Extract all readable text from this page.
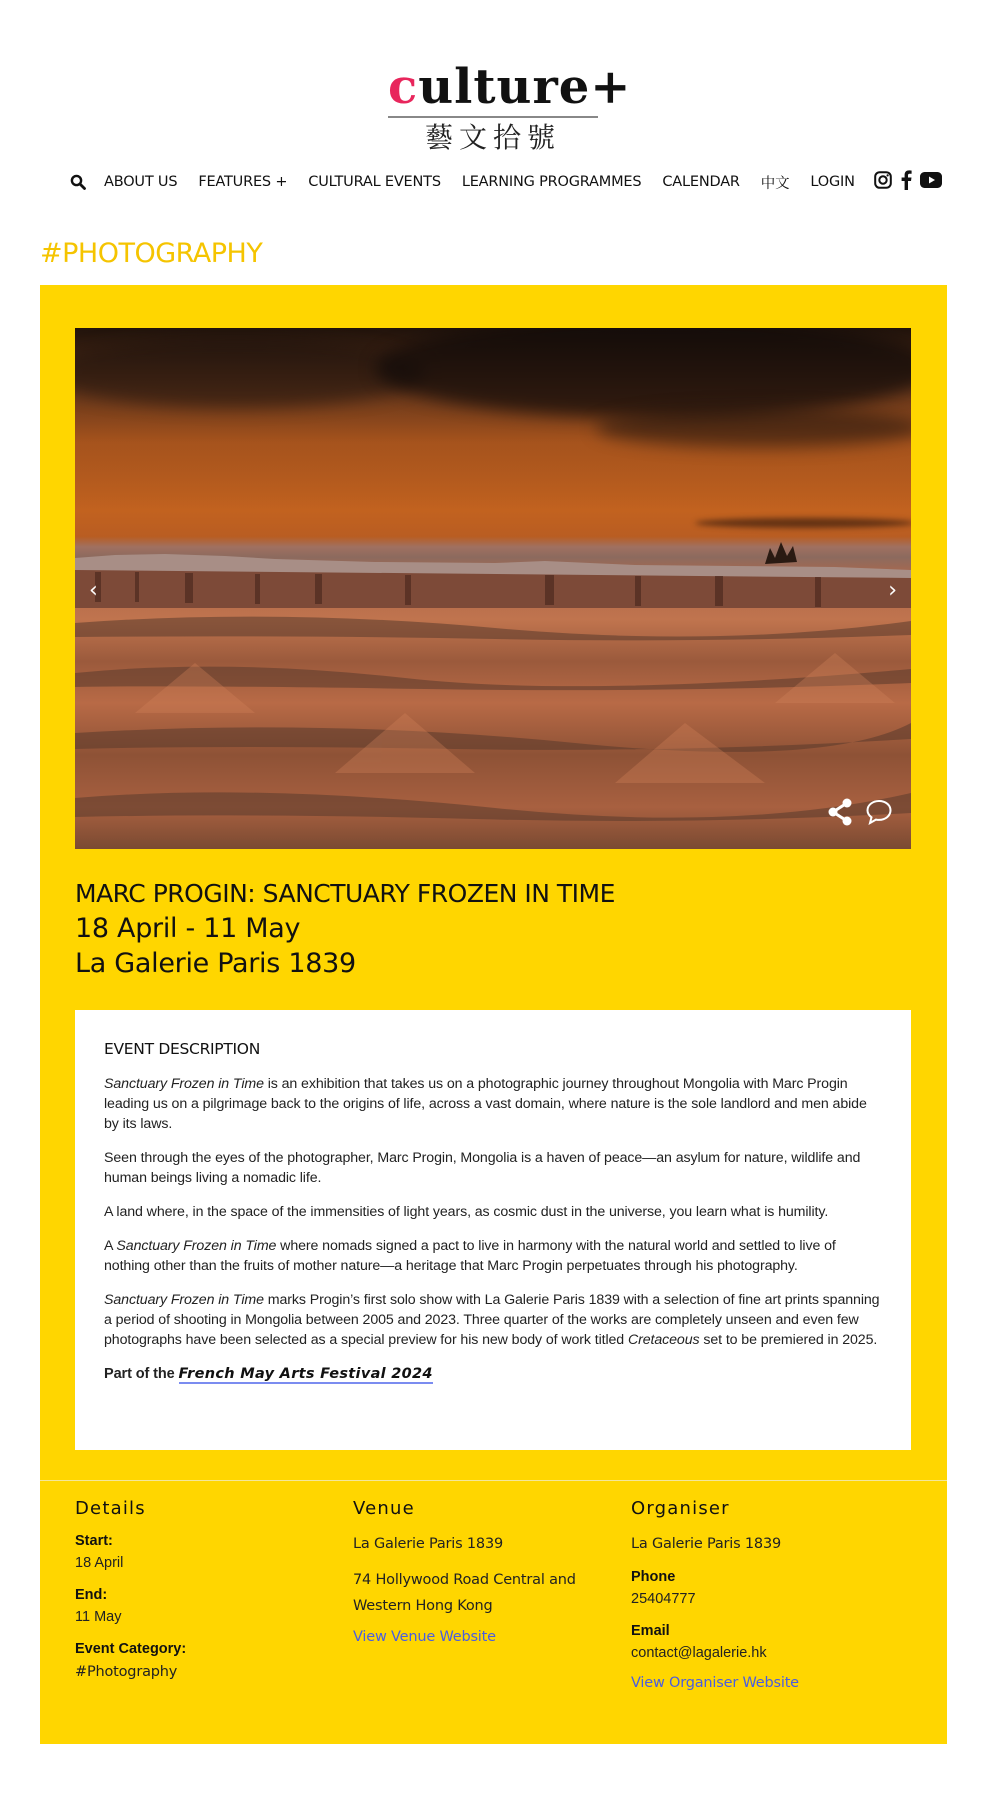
culture+
藝文拾號
ABOUT US FEATURES + CULTURAL EVENTS LEARNING PROGRAMMES CALENDAR 中文 LOGIN
#PHOTOGRAPHY
‹	›
MARC PROGIN: SANCTUARY FROZEN IN TIME
18 April - 11 May
La Galerie Paris 1839
EVENT DESCRIPTION

Sanctuary Frozen in Time is an exhibition that takes us on a photographic journey throughout Mongolia with Marc Progin leading us on a pilgrimage back to the origins of life, across a vast domain, where nature is the sole landlord and men abide by its laws.

Seen through the eyes of the photographer, Marc Progin, Mongolia is a haven of peace—an asylum for nature, wildlife and human beings living a nomadic life.

A land where, in the space of the immensities of light years, as cosmic dust in the universe, you learn what is humility.

A Sanctuary Frozen in Time where nomads signed a pact to live in harmony with the natural world and settled to live of nothing other than the fruits of mother nature—a heritage that Marc Progin perpetuates through his photography.

Sanctuary Frozen in Time marks Progin’s first solo show with La Galerie Paris 1839 with a selection of fine art prints spanning a period of shooting in Mongolia between 2005 and 2023. Three quarter of the works are completely unseen and even few photographs have been selected as a special preview for his new body of work titled Cretaceous set to be premiered in 2025.

Part of the French May Arts Festival 2024

Details
Start:
18 April
End:
11 May
Event Category:
#Photography
Venue
La Galerie Paris 1839
74 Hollywood Road Central and
Western Hong Kong
View Venue Website
Organiser
La Galerie Paris 1839
Phone
25404777
Email
contact@lagalerie.hk
View Organiser Website
